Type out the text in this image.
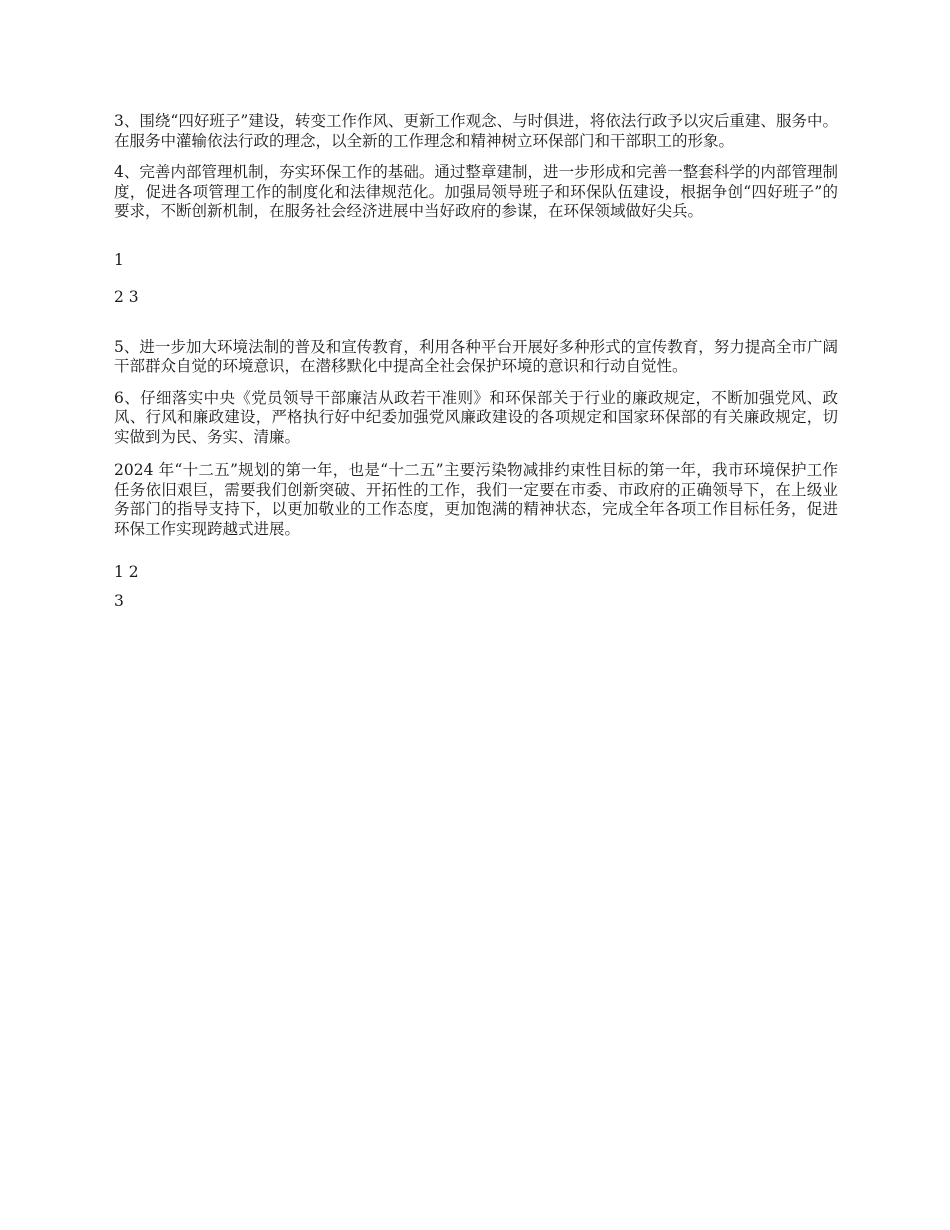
3、围绕“四好班子”建设，转变工作作风、更新工作观念、与时俱进，将依法行政予以灾后重建、服务中。在服务中灌输依法行政的理念，以全新的工作理念和精神树立环保部门和干部职工的形象。

4、完善内部管理机制，夯实环保工作的基础。通过整章建制，进一步形成和完善一整套科学的内部管理制度，促进各项管理工作的制度化和法律规范化。加强局领导班子和环保队伍建设，根据争创“四好班子”的要求，不断创新机制，在服务社会经济进展中当好政府的参谋，在环保领域做好尖兵。

1

2 3

5、进一步加大环境法制的普及和宣传教育，利用各种平台开展好多种形式的宣传教育，努力提高全市广阔干部群众自觉的环境意识，在潜移默化中提高全社会保护环境的意识和行动自觉性。

6、仔细落实中央《党员领导干部廉洁从政若干准则》和环保部关于行业的廉政规定，不断加强党风、政风、行风和廉政建设，严格执行好中纪委加强党风廉政建设的各项规定和国家环保部的有关廉政规定，切实做到为民、务实、清廉。

2024 年“十二五”规划的第一年，也是“十二五”主要污染物减排约束性目标的第一年，我市环境保护工作任务依旧艰巨，需要我们创新突破、开拓性的工作，我们一定要在市委、市政府的正确领导下，在上级业务部门的指导支持下，以更加敬业的工作态度，更加饱满的精神状态，完成全年各项工作目标任务，促进环保工作实现跨越式进展。

1 2

3
